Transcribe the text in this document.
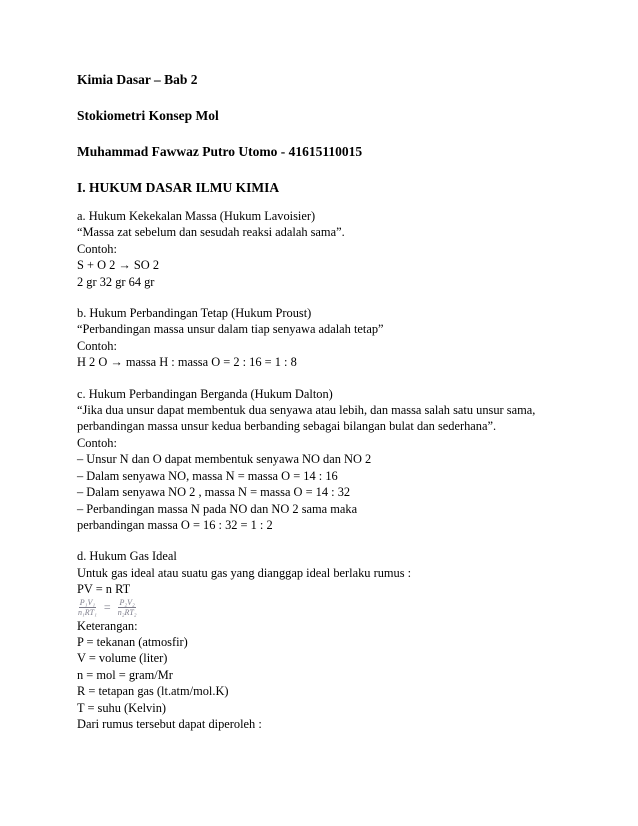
Kimia Dasar – Bab 2
Stokiometri Konsep Mol
Muhammad Fawwaz Putro Utomo - 41615110015
I. HUKUM DASAR ILMU KIMIA
a. Hukum Kekekalan Massa (Hukum Lavoisier)
“Massa zat sebelum dan sesudah reaksi adalah sama”.
Contoh:
S + O 2 → SO 2
2 gr 32 gr 64 gr
b. Hukum Perbandingan Tetap (Hukum Proust)
“Perbandingan massa unsur dalam tiap senyawa adalah tetap”
Contoh:
H 2 O → massa H : massa O = 2 : 16 = 1 : 8
c. Hukum Perbandingan Berganda (Hukum Dalton)
“Jika dua unsur dapat membentuk dua senyawa atau lebih, dan massa salah satu unsur sama,
perbandingan massa unsur kedua berbanding sebagai bilangan bulat dan sederhana”.
Contoh:
– Unsur N dan O dapat membentuk senyawa NO dan NO 2
– Dalam senyawa NO, massa N = massa O = 14 : 16
– Dalam senyawa NO 2 , massa N = massa O = 14 : 32
– Perbandingan massa N pada NO dan NO 2 sama maka
perbandingan massa O = 16 : 32 = 1 : 2
d. Hukum Gas Ideal
Untuk gas ideal atau suatu gas yang dianggap ideal berlaku rumus :
PV = n RT
$\frac{\text{P₁V₁}}{\text{n₁RT₁}} = \frac{\text{P₂V₂}}{\text{n₂RT₂}}$
Keterangan:
P = tekanan (atmosfir)
V = volume (liter)
n = mol = gram/Mr
R = tetapan gas (lt.atm/mol.K)
T = suhu (Kelvin)
Dari rumus tersebut dapat diperoleh :
